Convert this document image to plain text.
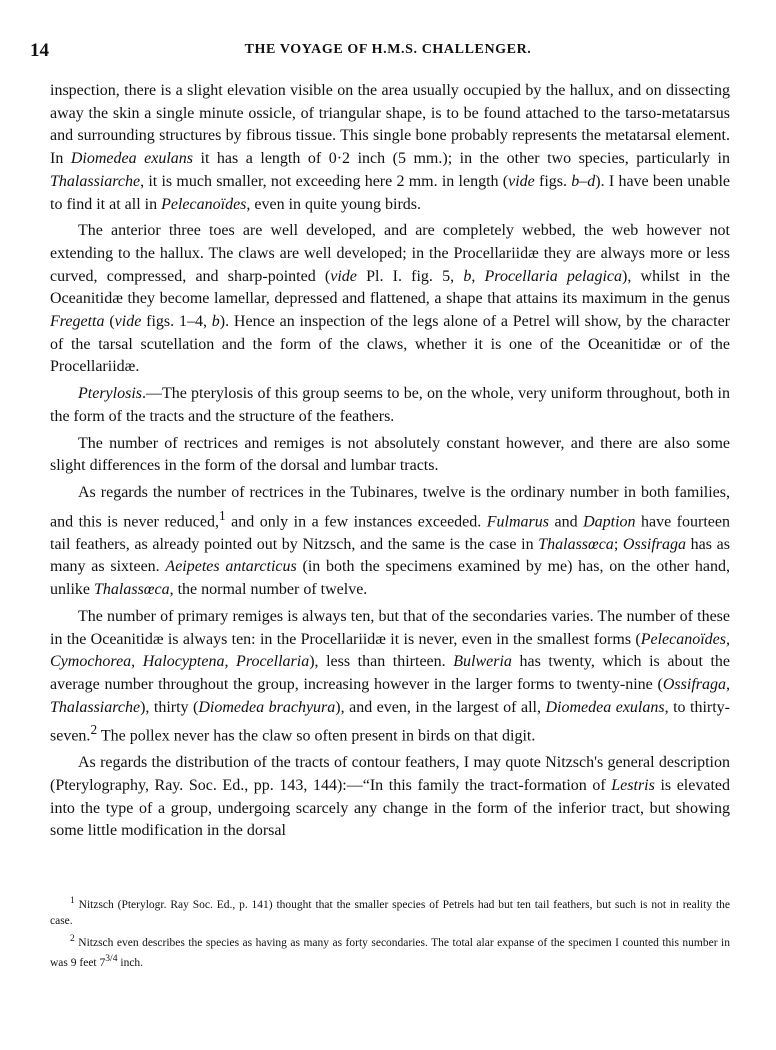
14	THE VOYAGE OF H.M.S. CHALLENGER.

inspection, there is a slight elevation visible on the area usually occupied by the hallux, and on dissecting away the skin a single minute ossicle, of triangular shape, is to be found attached to the tarso-metatarsus and surrounding structures by fibrous tissue. This single bone probably represents the metatarsal element. In Diomedea exulans it has a length of 0·2 inch (5 mm.); in the other two species, particularly in Thalassiarche, it is much smaller, not exceeding here 2 mm. in length (vide figs. b–d). I have been unable to find it at all in Pelecanoïdes, even in quite young birds.

The anterior three toes are well developed, and are completely webbed, the web however not extending to the hallux. The claws are well developed; in the Procellariidæ they are always more or less curved, compressed, and sharp-pointed (vide Pl. I. fig. 5, b, Procellaria pelagica), whilst in the Oceanitidæ they become lamellar, depressed and flattened, a shape that attains its maximum in the genus Fregetta (vide figs. 1–4, b). Hence an inspection of the legs alone of a Petrel will show, by the character of the tarsal scutellation and the form of the claws, whether it is one of the Oceanitidæ or of the Procellariidæ.

Pterylosis.—The pterylosis of this group seems to be, on the whole, very uniform throughout, both in the form of the tracts and the structure of the feathers.

The number of rectrices and remiges is not absolutely constant however, and there are also some slight differences in the form of the dorsal and lumbar tracts.

As regards the number of rectrices in the Tubinares, twelve is the ordinary number in both families, and this is never reduced,$^1$ and only in a few instances exceeded. Fulmarus and Daption have fourteen tail feathers, as already pointed out by Nitzsch, and the same is the case in Thalassœca; Ossifraga has as many as sixteen. Aeipetes antarcticus (in both the specimens examined by me) has, on the other hand, unlike Thalassœca, the normal number of twelve.

The number of primary remiges is always ten, but that of the secondaries varies. The number of these in the Oceanitidæ is always ten: in the Procellariidæ it is never, even in the smallest forms (Pelecanoïdes, Cymochorea, Halocyptena, Procellaria), less than thirteen. Bulweria has twenty, which is about the average number throughout the group, increasing however in the larger forms to twenty-nine (Ossifraga, Thalassiarche), thirty (Diomedea brachyura), and even, in the largest of all, Diomedea exulans, to thirty-seven.$^2$ The pollex never has the claw so often present in birds on that digit.

As regards the distribution of the tracts of contour feathers, I may quote Nitzsch's general description (Pterylography, Ray. Soc. Ed., pp. 143, 144):—“In this family the tract-formation of Lestris is elevated into the type of a group, undergoing scarcely any change in the form of the inferior tract, but showing some little modification in the dorsal

$^1$ Nitzsch (Pterylogr. Ray Soc. Ed., p. 141) thought that the smaller species of Petrels had but ten tail feathers, but such is not in reality the case.

$^2$ Nitzsch even describes the species as having as many as forty secondaries. The total alar expanse of the specimen I counted this number in was 9 feet $7^{3/4}$ inch.
